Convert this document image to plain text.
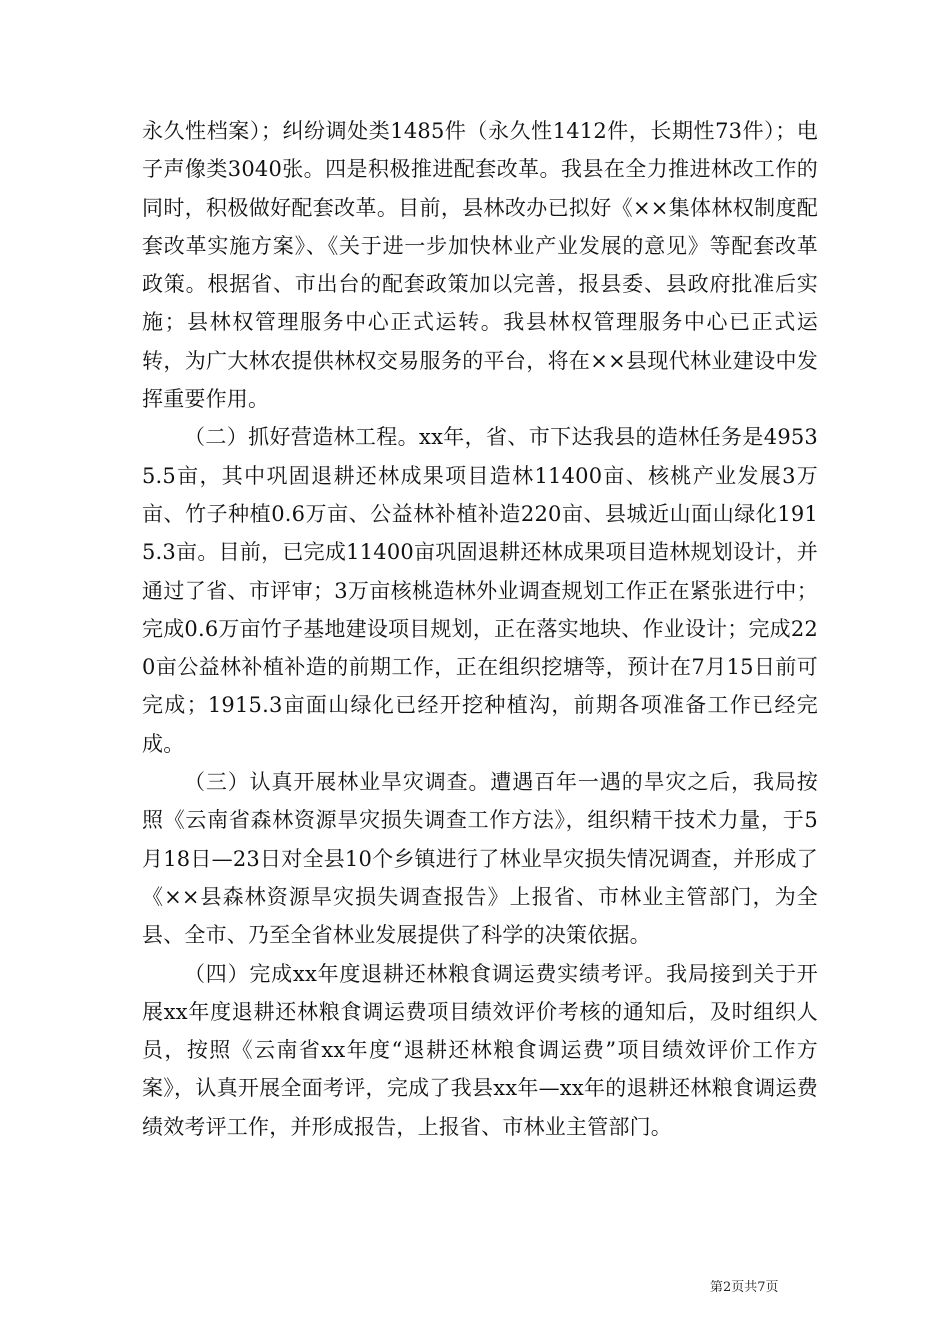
永久性档案）；纠纷调处类1485件（永久性1412件，长期性73件）；电子声像类3040张。四是积极推进配套改革。我县在全力推进林改工作的同时，积极做好配套改革。目前，县林改办已拟好《××集体林权制度配套改革实施方案》、《关于进一步加快林业产业发展的意见》等配套改革政策。根据省、市出台的配套政策加以完善，报县委、县政府批准后实施；县林权管理服务中心正式运转。我县林权管理服务中心已正式运转，为广大林农提供林权交易服务的平台，将在××县现代林业建设中发挥重要作用。

（二）抓好营造林工程。xx年，省、市下达我县的造林任务是49535.5亩，其中巩固退耕还林成果项目造林11400亩、核桃产业发展3万亩、竹子种植0.6万亩、公益林补植补造220亩、县城近山面山绿化1915.3亩。目前，已完成11400亩巩固退耕还林成果项目造林规划设计，并通过了省、市评审；3万亩核桃造林外业调查规划工作正在紧张进行中；完成0.6万亩竹子基地建设项目规划，正在落实地块、作业设计；完成220亩公益林补植补造的前期工作，正在组织挖塘等，预计在7月15日前可完成；1915.3亩面山绿化已经开挖种植沟，前期各项准备工作已经完成。

（三）认真开展林业旱灾调查。遭遇百年一遇的旱灾之后，我局按照《云南省森林资源旱灾损失调查工作方法》，组织精干技术力量，于5月18日—23日对全县10个乡镇进行了林业旱灾损失情况调查，并形成了《××县森林资源旱灾损失调查报告》上报省、市林业主管部门，为全县、全市、乃至全省林业发展提供了科学的决策依据。

（四）完成xx年度退耕还林粮食调运费实绩考评。我局接到关于开展xx年度退耕还林粮食调运费项目绩效评价考核的通知后，及时组织人员，按照《云南省xx年度“退耕还林粮食调运费”项目绩效评价工作方案》，认真开展全面考评，完成了我县xx年—xx年的退耕还林粮食调运费绩效考评工作，并形成报告，上报省、市林业主管部门。

第2页共7页
